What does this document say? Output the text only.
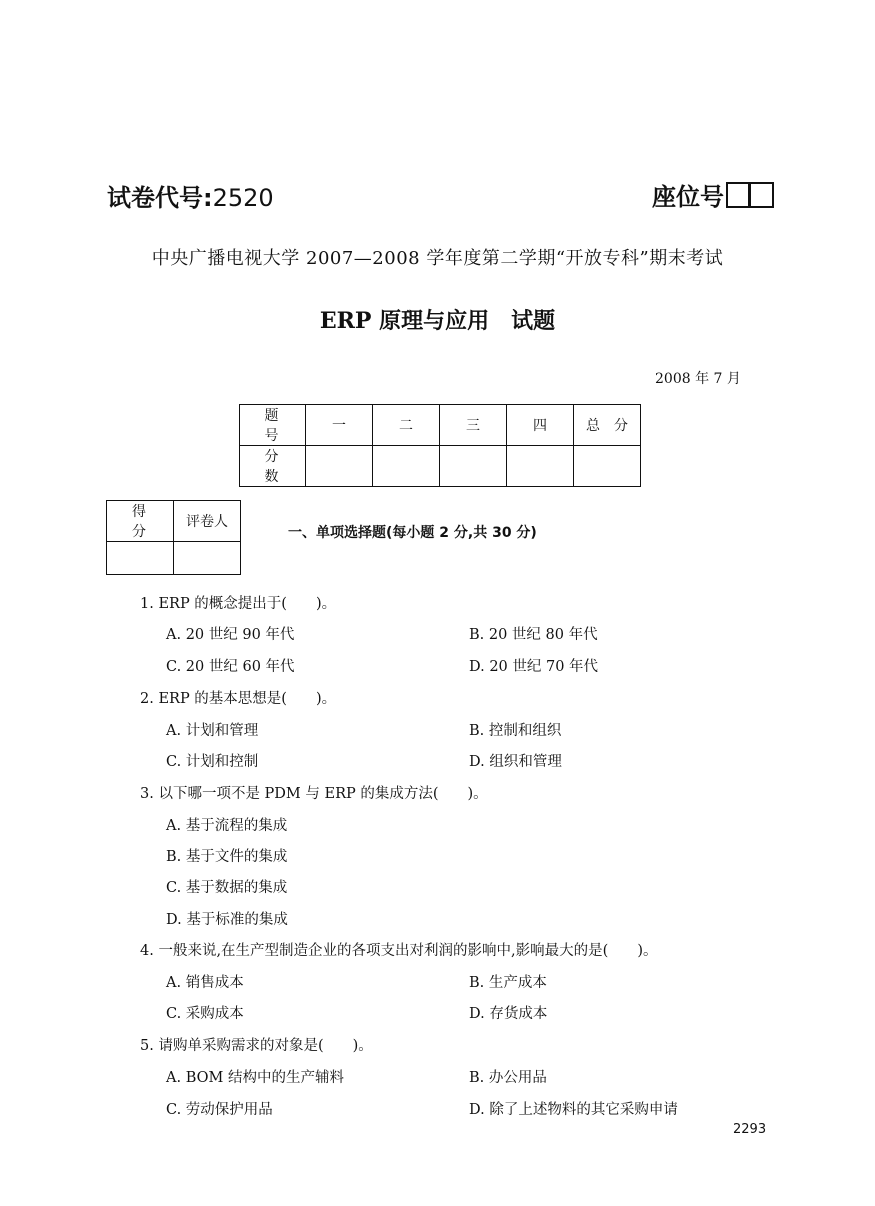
试卷代号:2520	座位号
中央广播电视大学 2007—2008 学年度第二学期“开放专科”期末考试
ERP 原理与应用　试题
2008 年 7 月
题　号	一	二	三	四	总　分
分　数					
得　分	评卷人

一、单项选择题(每小题 2 分,共 30 分)
1. ERP 的概念提出于(　　)。
A. 20 世纪 90 年代	B. 20 世纪 80 年代
C. 20 世纪 60 年代	D. 20 世纪 70 年代
2. ERP 的基本思想是(　　)。
A. 计划和管理	B. 控制和组织
C. 计划和控制	D. 组织和管理
3. 以下哪一项不是 PDM 与 ERP 的集成方法(　　)。
A. 基于流程的集成
B. 基于文件的集成
C. 基于数据的集成
D. 基于标准的集成
4. 一般来说,在生产型制造企业的各项支出对利润的影响中,影响最大的是(　　)。
A. 销售成本	B. 生产成本
C. 采购成本	D. 存货成本
5. 请购单采购需求的对象是(　　)。
A. BOM 结构中的生产辅料	B. 办公用品
C. 劳动保护用品	D. 除了上述物料的其它采购申请
2293
